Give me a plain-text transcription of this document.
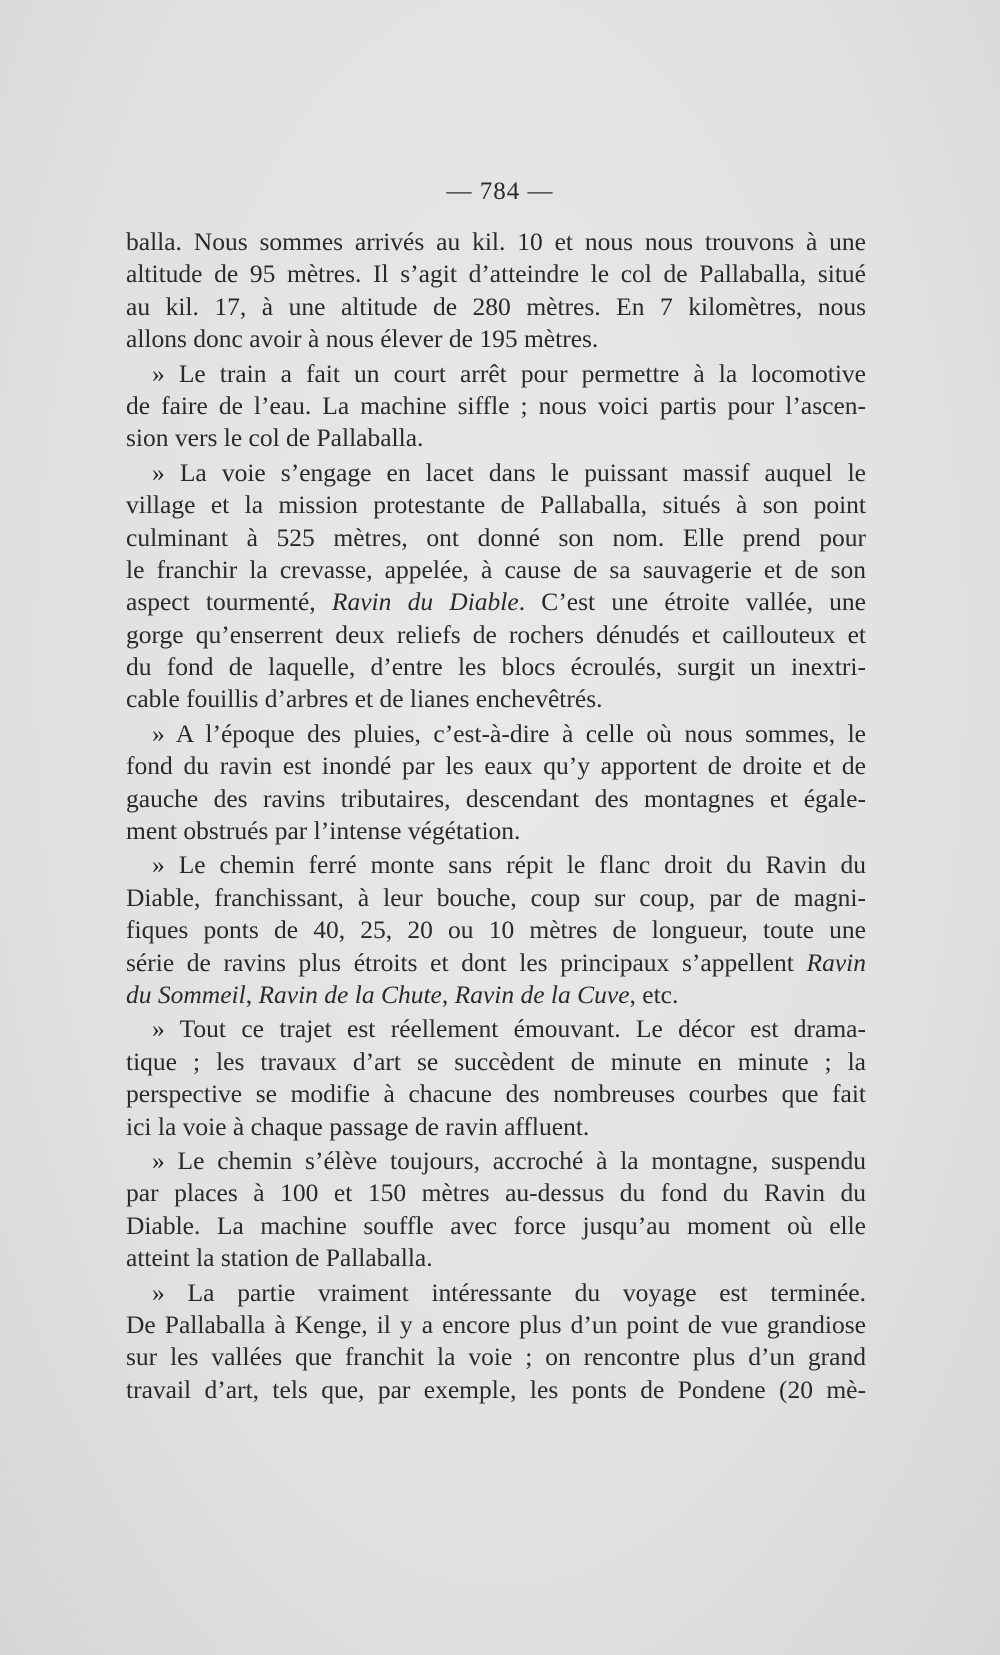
— 784 —
balla. Nous sommes arrivés au kil. 10 et nous nous trouvons à une
altitude de 95 mètres. Il s’agit d’atteindre le col de Pallaballa, situé
au kil. 17, à une altitude de 280 mètres. En 7 kilomètres, nous
allons donc avoir à nous élever de 195 mètres.
» Le train a fait un court arrêt pour permettre à la locomotive
de faire de l’eau. La machine siffle ; nous voici partis pour l’ascen-
sion vers le col de Pallaballa.
» La voie s’engage en lacet dans le puissant massif auquel le
village et la mission protestante de Pallaballa, situés à son point
culminant à 525 mètres, ont donné son nom. Elle prend pour
le franchir la crevasse, appelée, à cause de sa sauvagerie et de son
aspect tourmenté, Ravin du Diable. C’est une étroite vallée, une
gorge qu’enserrent deux reliefs de rochers dénudés et caillouteux et
du fond de laquelle, d’entre les blocs écroulés, surgit un inextri-
cable fouillis d’arbres et de lianes enchevêtrés.
» A l’époque des pluies, c’est-à-dire à celle où nous sommes, le
fond du ravin est inondé par les eaux qu’y apportent de droite et de
gauche des ravins tributaires, descendant des montagnes et égale-
ment obstrués par l’intense végétation.
» Le chemin ferré monte sans répit le flanc droit du Ravin du
Diable, franchissant, à leur bouche, coup sur coup, par de magni-
fiques ponts de 40, 25, 20 ou 10 mètres de longueur, toute une
série de ravins plus étroits et dont les principaux s’appellent Ravin
du Sommeil, Ravin de la Chute, Ravin de la Cuve, etc.
» Tout ce trajet est réellement émouvant. Le décor est drama-
tique ; les travaux d’art se succèdent de minute en minute ; la
perspective se modifie à chacune des nombreuses courbes que fait
ici la voie à chaque passage de ravin affluent.
» Le chemin s’élève toujours, accroché à la montagne, suspendu
par places à 100 et 150 mètres au-dessus du fond du Ravin du
Diable. La machine souffle avec force jusqu’au moment où elle
atteint la station de Pallaballa.
» La partie vraiment intéressante du voyage est terminée.
De Pallaballa à Kenge, il y a encore plus d’un point de vue grandiose
sur les vallées que franchit la voie ; on rencontre plus d’un grand
travail d’art, tels que, par exemple, les ponts de Pondene (20 mè-
